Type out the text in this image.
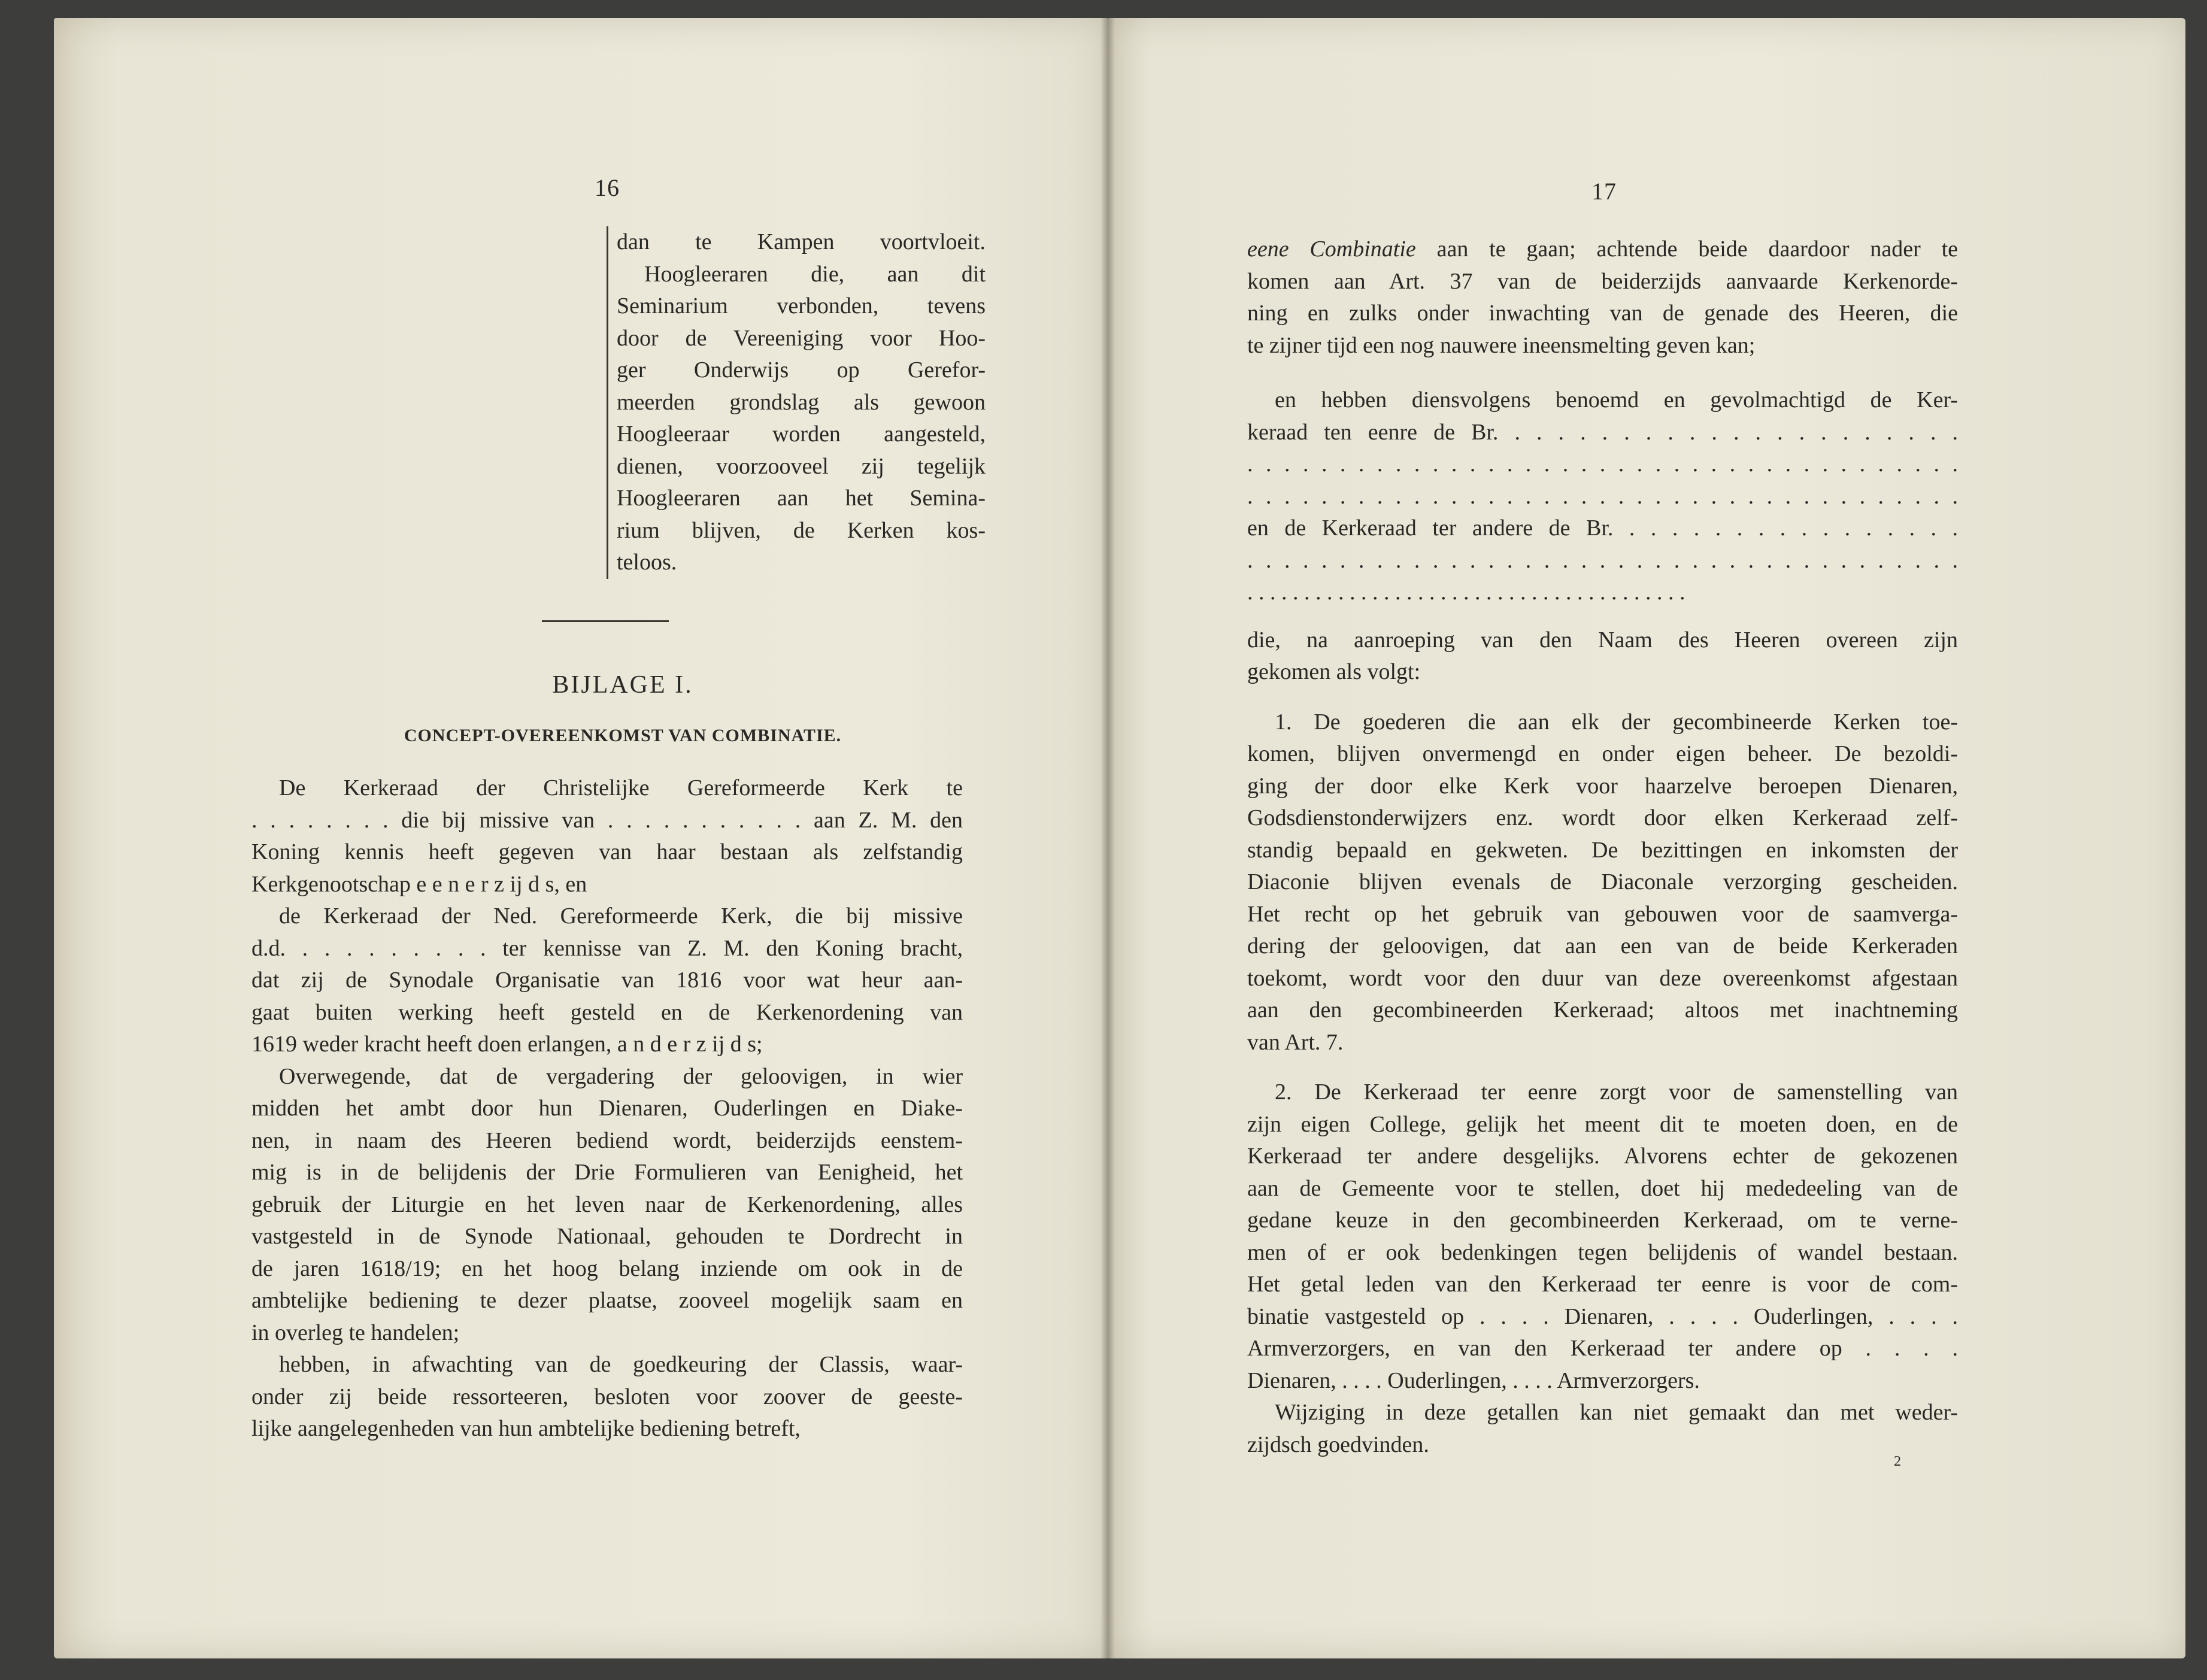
16

dan te Kampen voortvloeit.

Hoogleeraren die, aan dit

Seminarium verbonden, tevens

door de Vereeniging voor Hoo-

ger Onderwijs op Gerefor-

meerden grondslag als gewoon

Hoogleeraar worden aangesteld,

dienen, voorzooveel zij tegelijk

Hoogleeraren aan het Semina-

rium blijven, de Kerken kos-

teloos.

BIJLAGE I.
CONCEPT-OVEREENKOMST VAN COMBINATIE.

De Kerkeraad der Christelijke Gereformeerde Kerk te

. . . . . . . . die bij missive van . . . . . . . . . . . aan Z. M. den

Koning kennis heeft gegeven van haar bestaan als zelfstandig

Kerkgenootschap e e n e r z ij d s, en

de Kerkeraad der Ned. Gereformeerde Kerk, die bij missive

d.d. . . . . . . . . . ter kennisse van Z. M. den Koning bracht,

dat zij de Synodale Organisatie van 1816 voor wat heur aan-

gaat buiten werking heeft gesteld en de Kerkenordening van

1619 weder kracht heeft doen erlangen, a n d e r z ij d s;

Overwegende, dat de vergadering der geloovigen, in wier

midden het ambt door hun Dienaren, Ouderlingen en Diake-

nen, in naam des Heeren bediend wordt, beiderzijds eenstem-

mig is in de belijdenis der Drie Formulieren van Eenigheid, het

gebruik der Liturgie en het leven naar de Kerkenordening, alles

vastgesteld in de Synode Nationaal, gehouden te Dordrecht in

de jaren 1618/19; en het hoog belang inziende om ook in de

ambtelijke bediening te dezer plaatse, zooveel mogelijk saam en

in overleg te handelen;

hebben, in afwachting van de goedkeuring der Classis, waar-

onder zij beide ressorteeren, besloten voor zoover de geeste-

lijke aangelegenheden van hun ambtelijke bediening betreft,

17

eene Combinatie aan te gaan; achtende beide daardoor nader te

komen aan Art. 37 van de beiderzijds aanvaarde Kerkenorde-

ning en zulks onder inwachting van de genade des Heeren, die

te zijner tijd een nog nauwere ineensmelting geven kan;

en hebben diensvolgens benoemd en gevolmachtigd de Ker-

keraad ten eenre de Br. . . . . . . . . . . . . . . . . . . . . .

. . . . . . . . . . . . . . . . . . . . . . . . . . . . . . . . . . . . . . .

. . . . . . . . . . . . . . . . . . . . . . . . . . . . . . . . . . . . . . .

en de Kerkeraad ter andere de Br. . . . . . . . . . . . . . . . .

. . . . . . . . . . . . . . . . . . . . . . . . . . . . . . . . . . . . . . .

. . . . . . . . . . . . . . . . . . . . . . . . . . . . . . . . . . . . . . .

die, na aanroeping van den Naam des Heeren overeen zijn

gekomen als volgt:

1. De goederen die aan elk der gecombineerde Kerken toe-

komen, blijven onvermengd en onder eigen beheer. De bezoldi-

ging der door elke Kerk voor haarzelve beroepen Dienaren,

Godsdienstonderwijzers enz. wordt door elken Kerkeraad zelf-

standig bepaald en gekweten. De bezittingen en inkomsten der

Diaconie blijven evenals de Diaconale verzorging gescheiden.

Het recht op het gebruik van gebouwen voor de saamverga-

dering der geloovigen, dat aan een van de beide Kerkeraden

toekomt, wordt voor den duur van deze overeenkomst afgestaan

aan den gecombineerden Kerkeraad; altoos met inachtneming

van Art. 7.

2. De Kerkeraad ter eenre zorgt voor de samenstelling van

zijn eigen College, gelijk het meent dit te moeten doen, en de

Kerkeraad ter andere desgelijks. Alvorens echter de gekozenen

aan de Gemeente voor te stellen, doet hij mededeeling van de

gedane keuze in den gecombineerden Kerkeraad, om te verne-

men of er ook bedenkingen tegen belijdenis of wandel bestaan.

Het getal leden van den Kerkeraad ter eenre is voor de com-

binatie vastgesteld op . . . . Dienaren, . . . . Ouderlingen, . . . .

Armverzorgers, en van den Kerkeraad ter andere op . . . .

Dienaren, . . . . Ouderlingen, . . . . Armverzorgers.

Wijziging in deze getallen kan niet gemaakt dan met weder-

zijdsch goedvinden.

2
